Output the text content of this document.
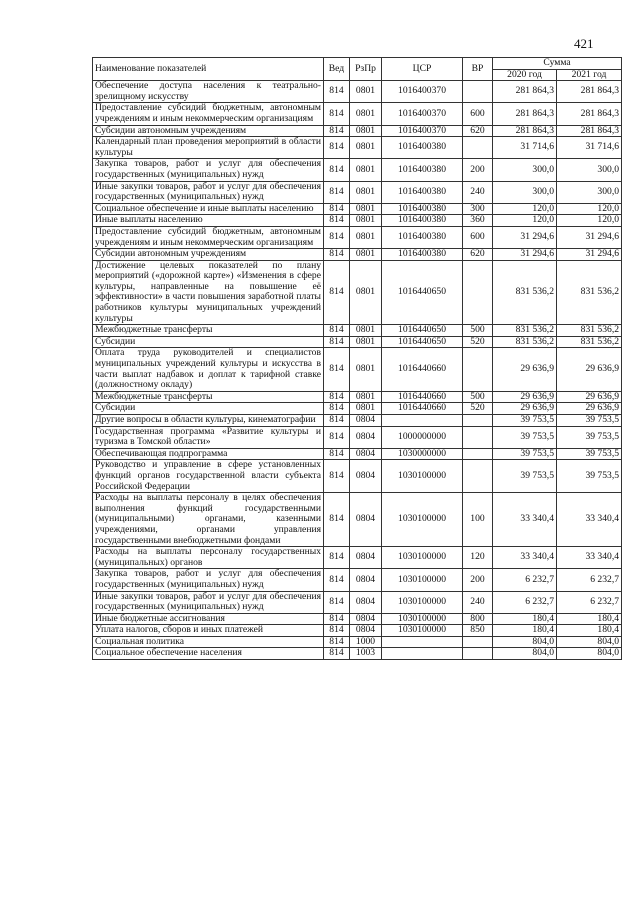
421
Наименование показателей	Вед	РзПр	ЦСР	ВР	Сумма	
					2020 год	2021 год
Обеспечение доступа населения к театрально-зрелищному искусству	814	0801	1016400370		281 864,3	281 864,3
Предоставление субсидий бюджетным, автономным учреждениям и иным некоммерческим организациям	814	0801	1016400370	600	281 864,3	281 864,3
Субсидии автономным учреждениям	814	0801	1016400370	620	281 864,3	281 864,3
Календарный план проведения мероприятий в области культуры	814	0801	1016400380		31 714,6	31 714,6
Закупка товаров, работ и услуг для обеспечения государственных (муниципальных) нужд	814	0801	1016400380	200	300,0	300,0
Иные закупки товаров, работ и услуг для обеспечения государственных (муниципальных) нужд	814	0801	1016400380	240	300,0	300,0
Социальное обеспечение и иные выплаты населению	814	0801	1016400380	300	120,0	120,0
Иные выплаты населению	814	0801	1016400380	360	120,0	120,0
Предоставление субсидий бюджетным, автономным учреждениям и иным некоммерческим организациям	814	0801	1016400380	600	31 294,6	31 294,6
Субсидии автономным учреждениям	814	0801	1016400380	620	31 294,6	31 294,6
Достижение целевых показателей по плану мероприятий («дорожной карте») «Изменения в сфере культуры, направленные на повышение её эффективности» в части повышения заработной платы работников культуры муниципальных учреждений культуры	814	0801	1016440650		831 536,2	831 536,2
Межбюджетные трансферты	814	0801	1016440650	500	831 536,2	831 536,2
Субсидии	814	0801	1016440650	520	831 536,2	831 536,2
Оплата труда руководителей и специалистов муниципальных учреждений культуры и искусства в части выплат надбавок и доплат к тарифной ставке (должностному окладу)	814	0801	1016440660		29 636,9	29 636,9
Межбюджетные трансферты	814	0801	1016440660	500	29 636,9	29 636,9
Субсидии	814	0801	1016440660	520	29 636,9	29 636,9
Другие вопросы в области культуры, кинематографии	814	0804			39 753,5	39 753,5
Государственная программа «Развитие культуры и туризма в Томской области»	814	0804	1000000000		39 753,5	39 753,5
Обеспечивающая подпрограмма	814	0804	1030000000		39 753,5	39 753,5
Руководство и управление в сфере установленных функций органов государственной власти субъекта Российской Федерации	814	0804	1030100000		39 753,5	39 753,5
Расходы на выплаты персоналу в целях обеспечения выполнения функций государственными (муниципальными) органами, казенными учреждениями, органами управления государственными внебюджетными фондами	814	0804	1030100000	100	33 340,4	33 340,4
Расходы на выплаты персоналу государственных (муниципальных) органов	814	0804	1030100000	120	33 340,4	33 340,4
Закупка товаров, работ и услуг для обеспечения государственных (муниципальных) нужд	814	0804	1030100000	200	6 232,7	6 232,7
Иные закупки товаров, работ и услуг для обеспечения государственных (муниципальных) нужд	814	0804	1030100000	240	6 232,7	6 232,7
Иные бюджетные ассигнования	814	0804	1030100000	800	180,4	180,4
Уплата налогов, сборов и иных платежей	814	0804	1030100000	850	180,4	180,4
Социальная политика	814	1000			804,0	804,0
Социальное обеспечение населения	814	1003			804,0	804,0
